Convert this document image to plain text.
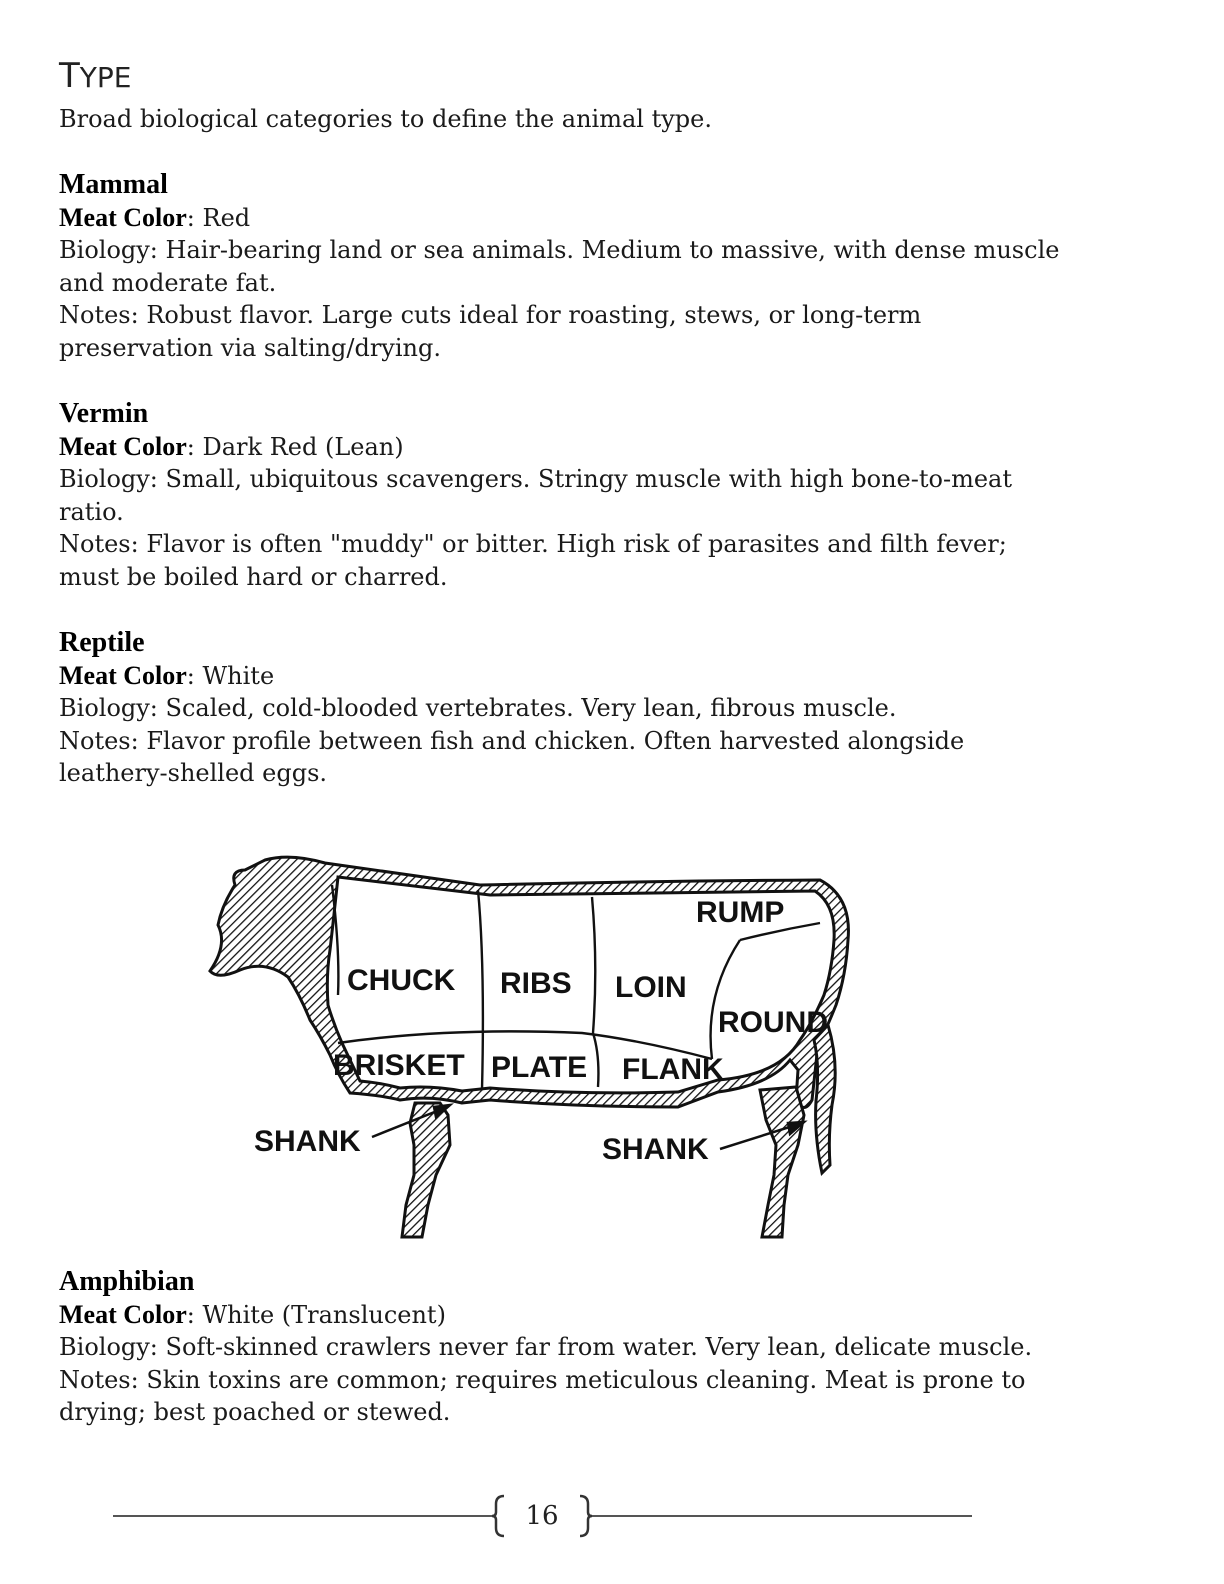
TYPE
Broad biological categories to define the animal type.
Mammal
Meat Color: Red
Biology: Hair-bearing land or sea animals. Medium to massive, with dense muscle
and moderate fat.
Notes: Robust flavor. Large cuts ideal for roasting, stews, or long-term
preservation via salting/drying.
Vermin
Meat Color: Dark Red (Lean)
Biology: Small, ubiquitous scavengers. Stringy muscle with high bone-to-meat
ratio.
Notes: Flavor is often "muddy" or bitter. High risk of parasites and filth fever;
must be boiled hard or charred.
Reptile
Meat Color: White
Biology: Scaled, cold-blooded vertebrates. Very lean, fibrous muscle.
Notes: Flavor profile between fish and chicken. Often harvested alongside
leathery-shelled eggs.
RUMP
CHUCK RIBS LOIN
ROUND
BRISKET PLATE FLANK
SHANK	SHANK
Amphibian
Meat Color: White (Translucent)
Biology: Soft-skinned crawlers never far from water. Very lean, delicate muscle.
Notes: Skin toxins are common; requires meticulous cleaning. Meat is prone to
drying; best poached or stewed.
16
